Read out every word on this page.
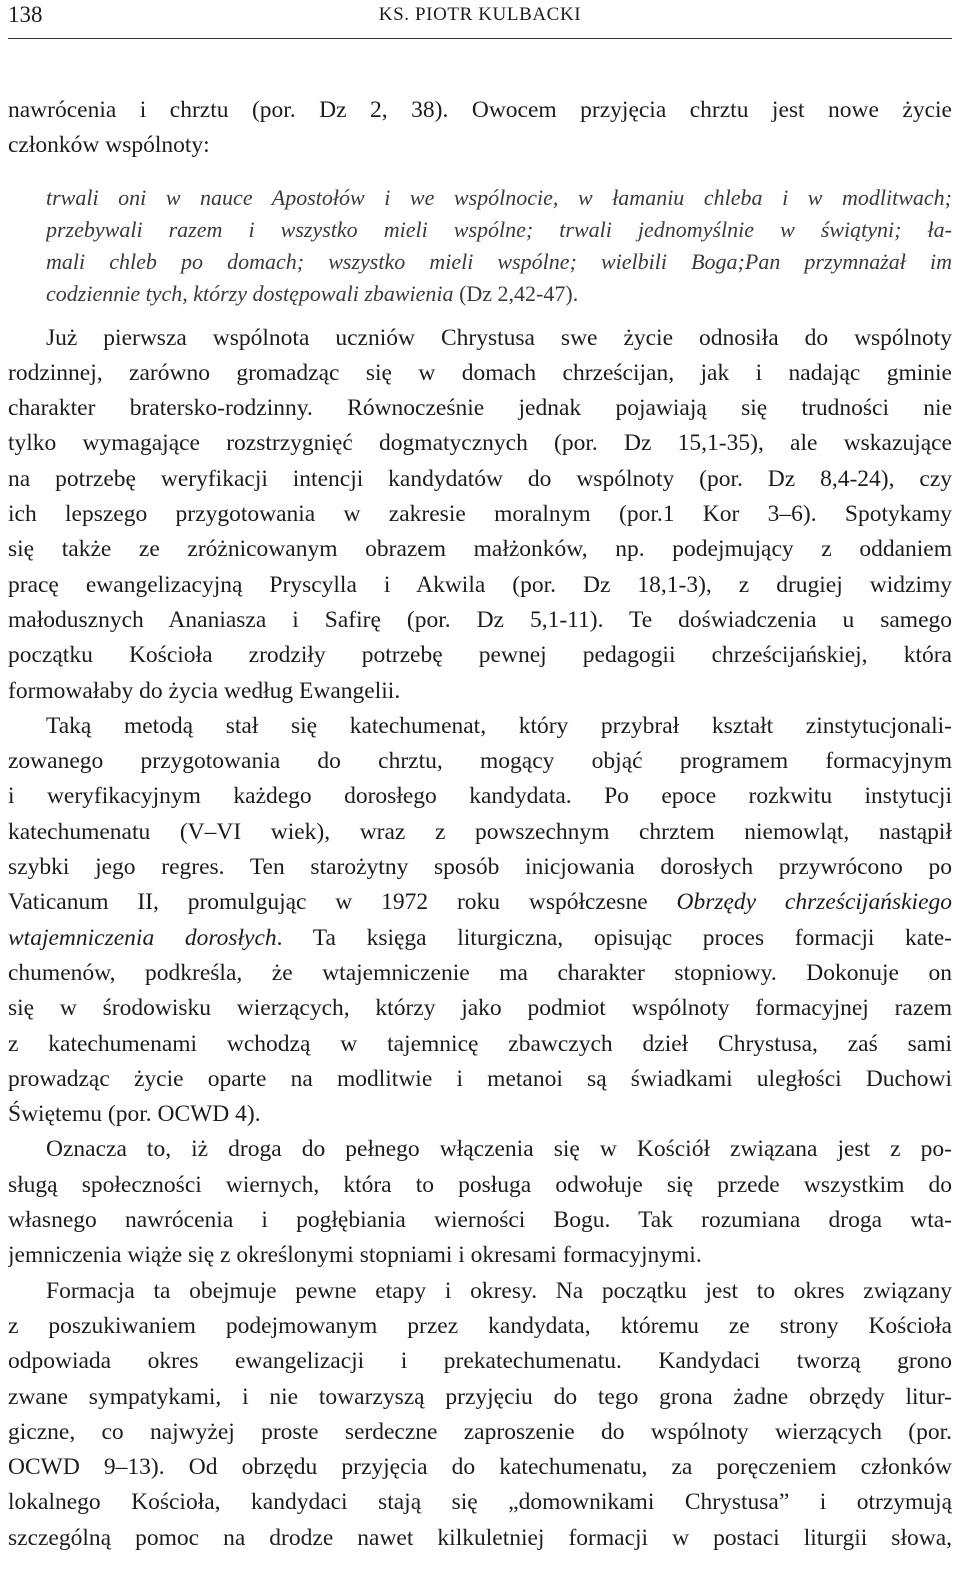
138	KS. PIOTR KULBACKI
nawrócenia i chrztu (por. Dz 2, 38). Owocem przyjęcia chrztu jest nowe życie
członków wspólnoty:
trwali oni w nauce Apostołów i we wspólnocie, w łamaniu chleba i w modlitwach;
przebywali razem i wszystko mieli wspólne; trwali jednomyślnie w świątyni; ła-
mali chleb po domach; wszystko mieli wspólne; wielbili Boga;Pan przymnażał im
codziennie tych, którzy dostępowali zbawienia (Dz 2,42-47).
Już pierwsza wspólnota uczniów Chrystusa swe życie odnosiła do wspólnoty
rodzinnej, zarówno gromadząc się w domach chrześcijan, jak i nadając gminie
charakter bratersko-rodzinny. Równocześnie jednak pojawiają się trudności nie
tylko wymagające rozstrzygnięć dogmatycznych (por. Dz 15,1-35), ale wskazujące
na potrzebę weryfikacji intencji kandydatów do wspólnoty (por. Dz 8,4-24), czy
ich lepszego przygotowania w zakresie moralnym (por.1 Kor 3–6). Spotykamy
się także ze zróżnicowanym obrazem małżonków, np. podejmujący z oddaniem
pracę ewangelizacyjną Pryscylla i Akwila (por. Dz 18,1-3), z drugiej widzimy
małodusznych Ananiasza i Safirę (por. Dz 5,1-11). Te doświadczenia u samego
początku Kościoła zrodziły potrzebę pewnej pedagogii chrześcijańskiej, która
formowałaby do życia według Ewangelii.
Taką metodą stał się katechumenat, który przybrał kształt zinstytucjonali-
zowanego przygotowania do chrztu, mogący objąć programem formacyjnym
i weryfikacyjnym każdego dorosłego kandydata. Po epoce rozkwitu instytucji
katechumenatu (V–VI wiek), wraz z powszechnym chrztem niemowląt, nastąpił
szybki jego regres. Ten starożytny sposób inicjowania dorosłych przywrócono po
Vaticanum II, promulgując w 1972 roku współczesne Obrzędy chrześcijańskiego
wtajemniczenia dorosłych. Ta księga liturgiczna, opisując proces formacji kate-
chumenów, podkreśla, że wtajemniczenie ma charakter stopniowy. Dokonuje on
się w środowisku wierzących, którzy jako podmiot wspólnoty formacyjnej razem
z katechumenami wchodzą w tajemnicę zbawczych dzieł Chrystusa, zaś sami
prowadząc życie oparte na modlitwie i metanoi są świadkami uległości Duchowi
Świętemu (por. OCWD 4).
Oznacza to, iż droga do pełnego włączenia się w Kościół związana jest z po-
sługą społeczności wiernych, która to posługa odwołuje się przede wszystkim do
własnego nawrócenia i pogłębiania wierności Bogu. Tak rozumiana droga wta-
jemniczenia wiąże się z określonymi stopniami i okresami formacyjnymi.
Formacja ta obejmuje pewne etapy i okresy. Na początku jest to okres związany
z poszukiwaniem podejmowanym przez kandydata, któremu ze strony Kościoła
odpowiada okres ewangelizacji i prekatechumenatu. Kandydaci tworzą grono
zwane sympatykami, i nie towarzyszą przyjęciu do tego grona żadne obrzędy litur-
giczne, co najwyżej proste serdeczne zaproszenie do wspólnoty wierzących (por.
OCWD 9–13). Od obrzędu przyjęcia do katechumenatu, za poręczeniem członków
lokalnego Kościoła, kandydaci stają się „domownikami Chrystusa” i otrzymują
szczególną pomoc na drodze nawet kilkuletniej formacji w postaci liturgii słowa,
